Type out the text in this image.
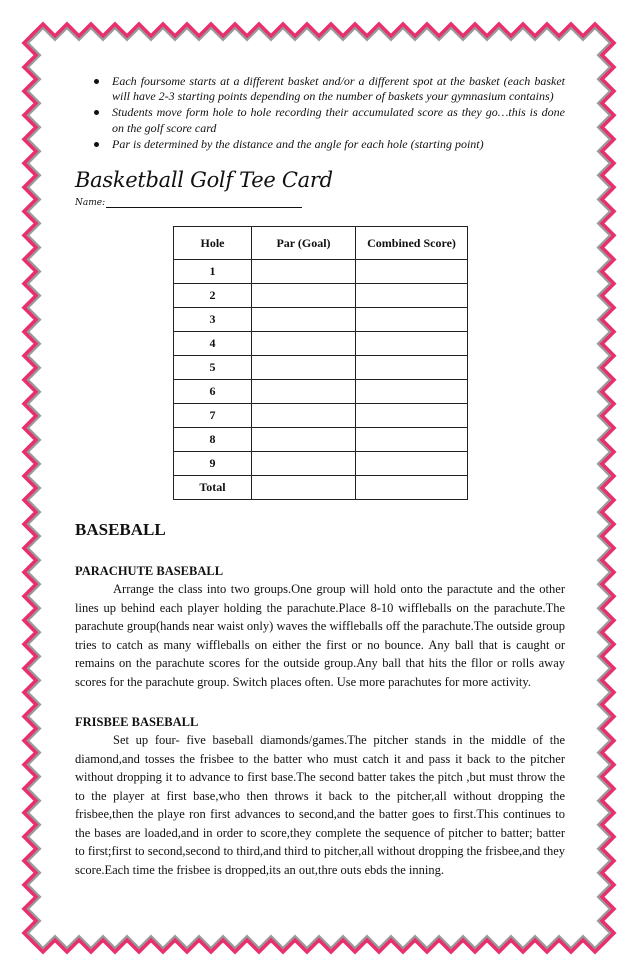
Each foursome starts at a different basket and/or a different spot at the basket (each basket will have 2-3 starting points depending on the number of baskets your gymnasium contains)
Students move form hole to hole recording their accumulated score as they go…this is done on the golf score card
Par is determined by the distance and the angle for each hole (starting point)
Basketball Golf Tee Card
Name:
Hole	Par (Goal)	Combined Score)
1		
2		
3		
4		
5		
6		
7		
8		
9		
Total		
BASEBALL
PARACHUTE BASEBALL

Arrange the class into two groups.One group will hold onto the paractute and the other lines up behind each player holding the parachute.Place 8-10 wiffleballs on the parachute.The parachute group(hands near waist only) waves the wiffleballs off the parachute.The outside group tries to catch as many wiffleballs on either the first or no bounce. Any ball that is caught or remains on the parachute scores for the outside group.Any ball that hits the fllor or rolls away scores for the parachute group. Switch places often. Use more parachutes for more activity.

FRISBEE BASEBALL

Set up four- five baseball diamonds/games.The pitcher stands in the middle of the diamond,and tosses the frisbee to the batter who must catch it and pass it back to the pitcher without dropping it to advance to first base.The second batter takes the pitch ,but must throw the to the player at first base,who then throws it back to the pitcher,all without dropping the frisbee,then the playe ron first advances to second,and the batter goes to first.This continues to the bases are loaded,and in order to score,they complete the sequence of pitcher to batter; batter to first;first to second,second to third,and third to pitcher,all without dropping the frisbee,and they score.Each time the frisbee is dropped,its an out,thre outs ebds the inning.
